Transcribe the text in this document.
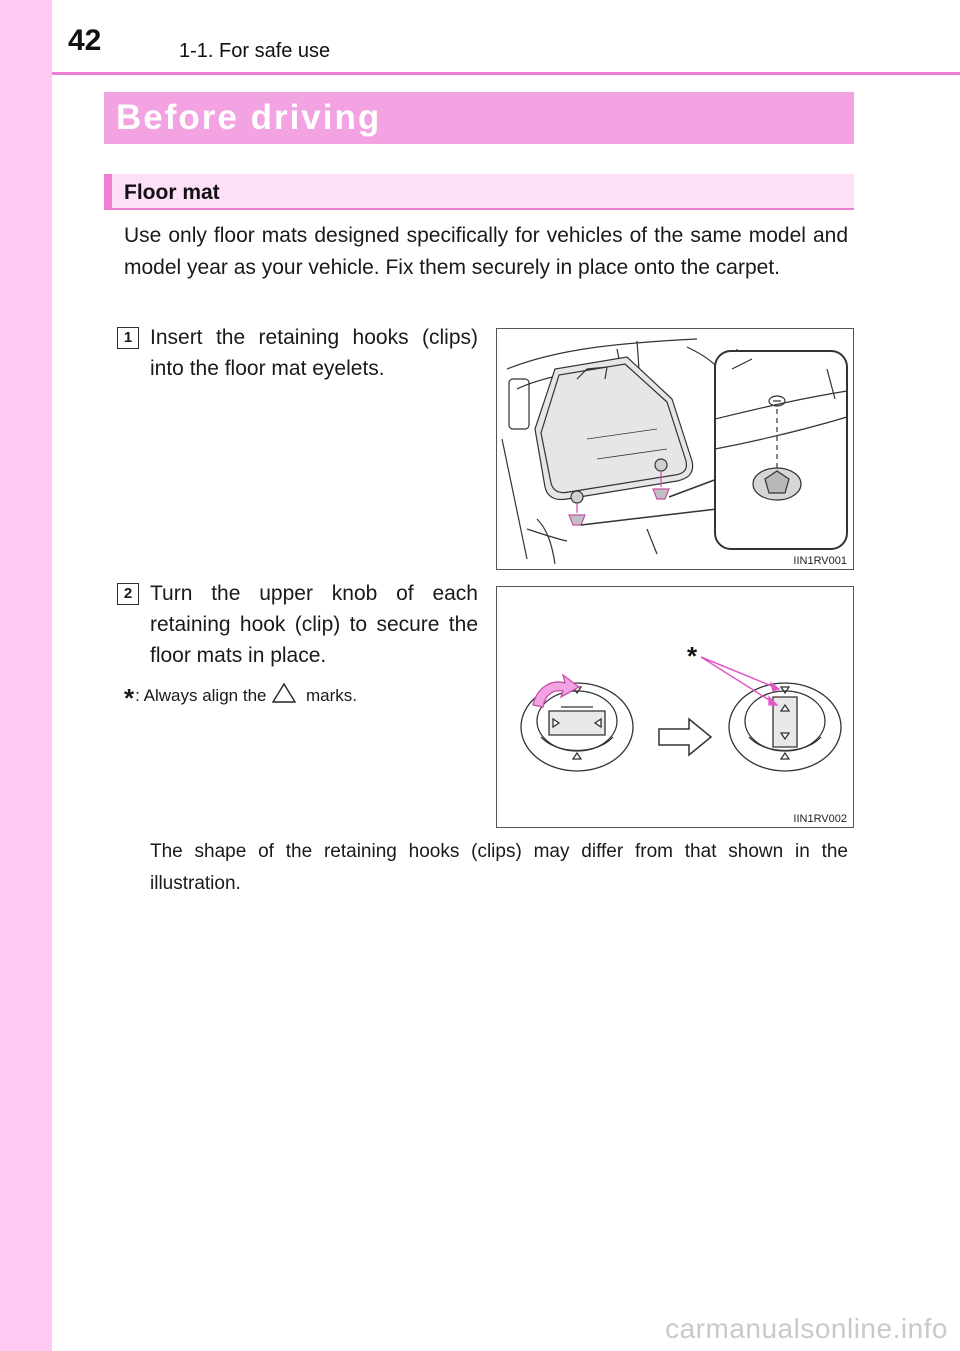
42	1-1. For safe use
Before driving
Floor mat

Use only floor mats designed specifically for vehicles of the same model and model year as your vehicle. Fix them securely in place onto the carpet.

1 Insert the retaining hooks (clips) into the floor mat eyelets.

IIN1RV001
2 Turn the upper knob of each retaining hook (clip) to secure the floor mats in place.

*: Always align the marks.
*
IIN1RV002

The shape of the retaining hooks (clips) may differ from that shown in the illustration.

carmanualsonline.info
